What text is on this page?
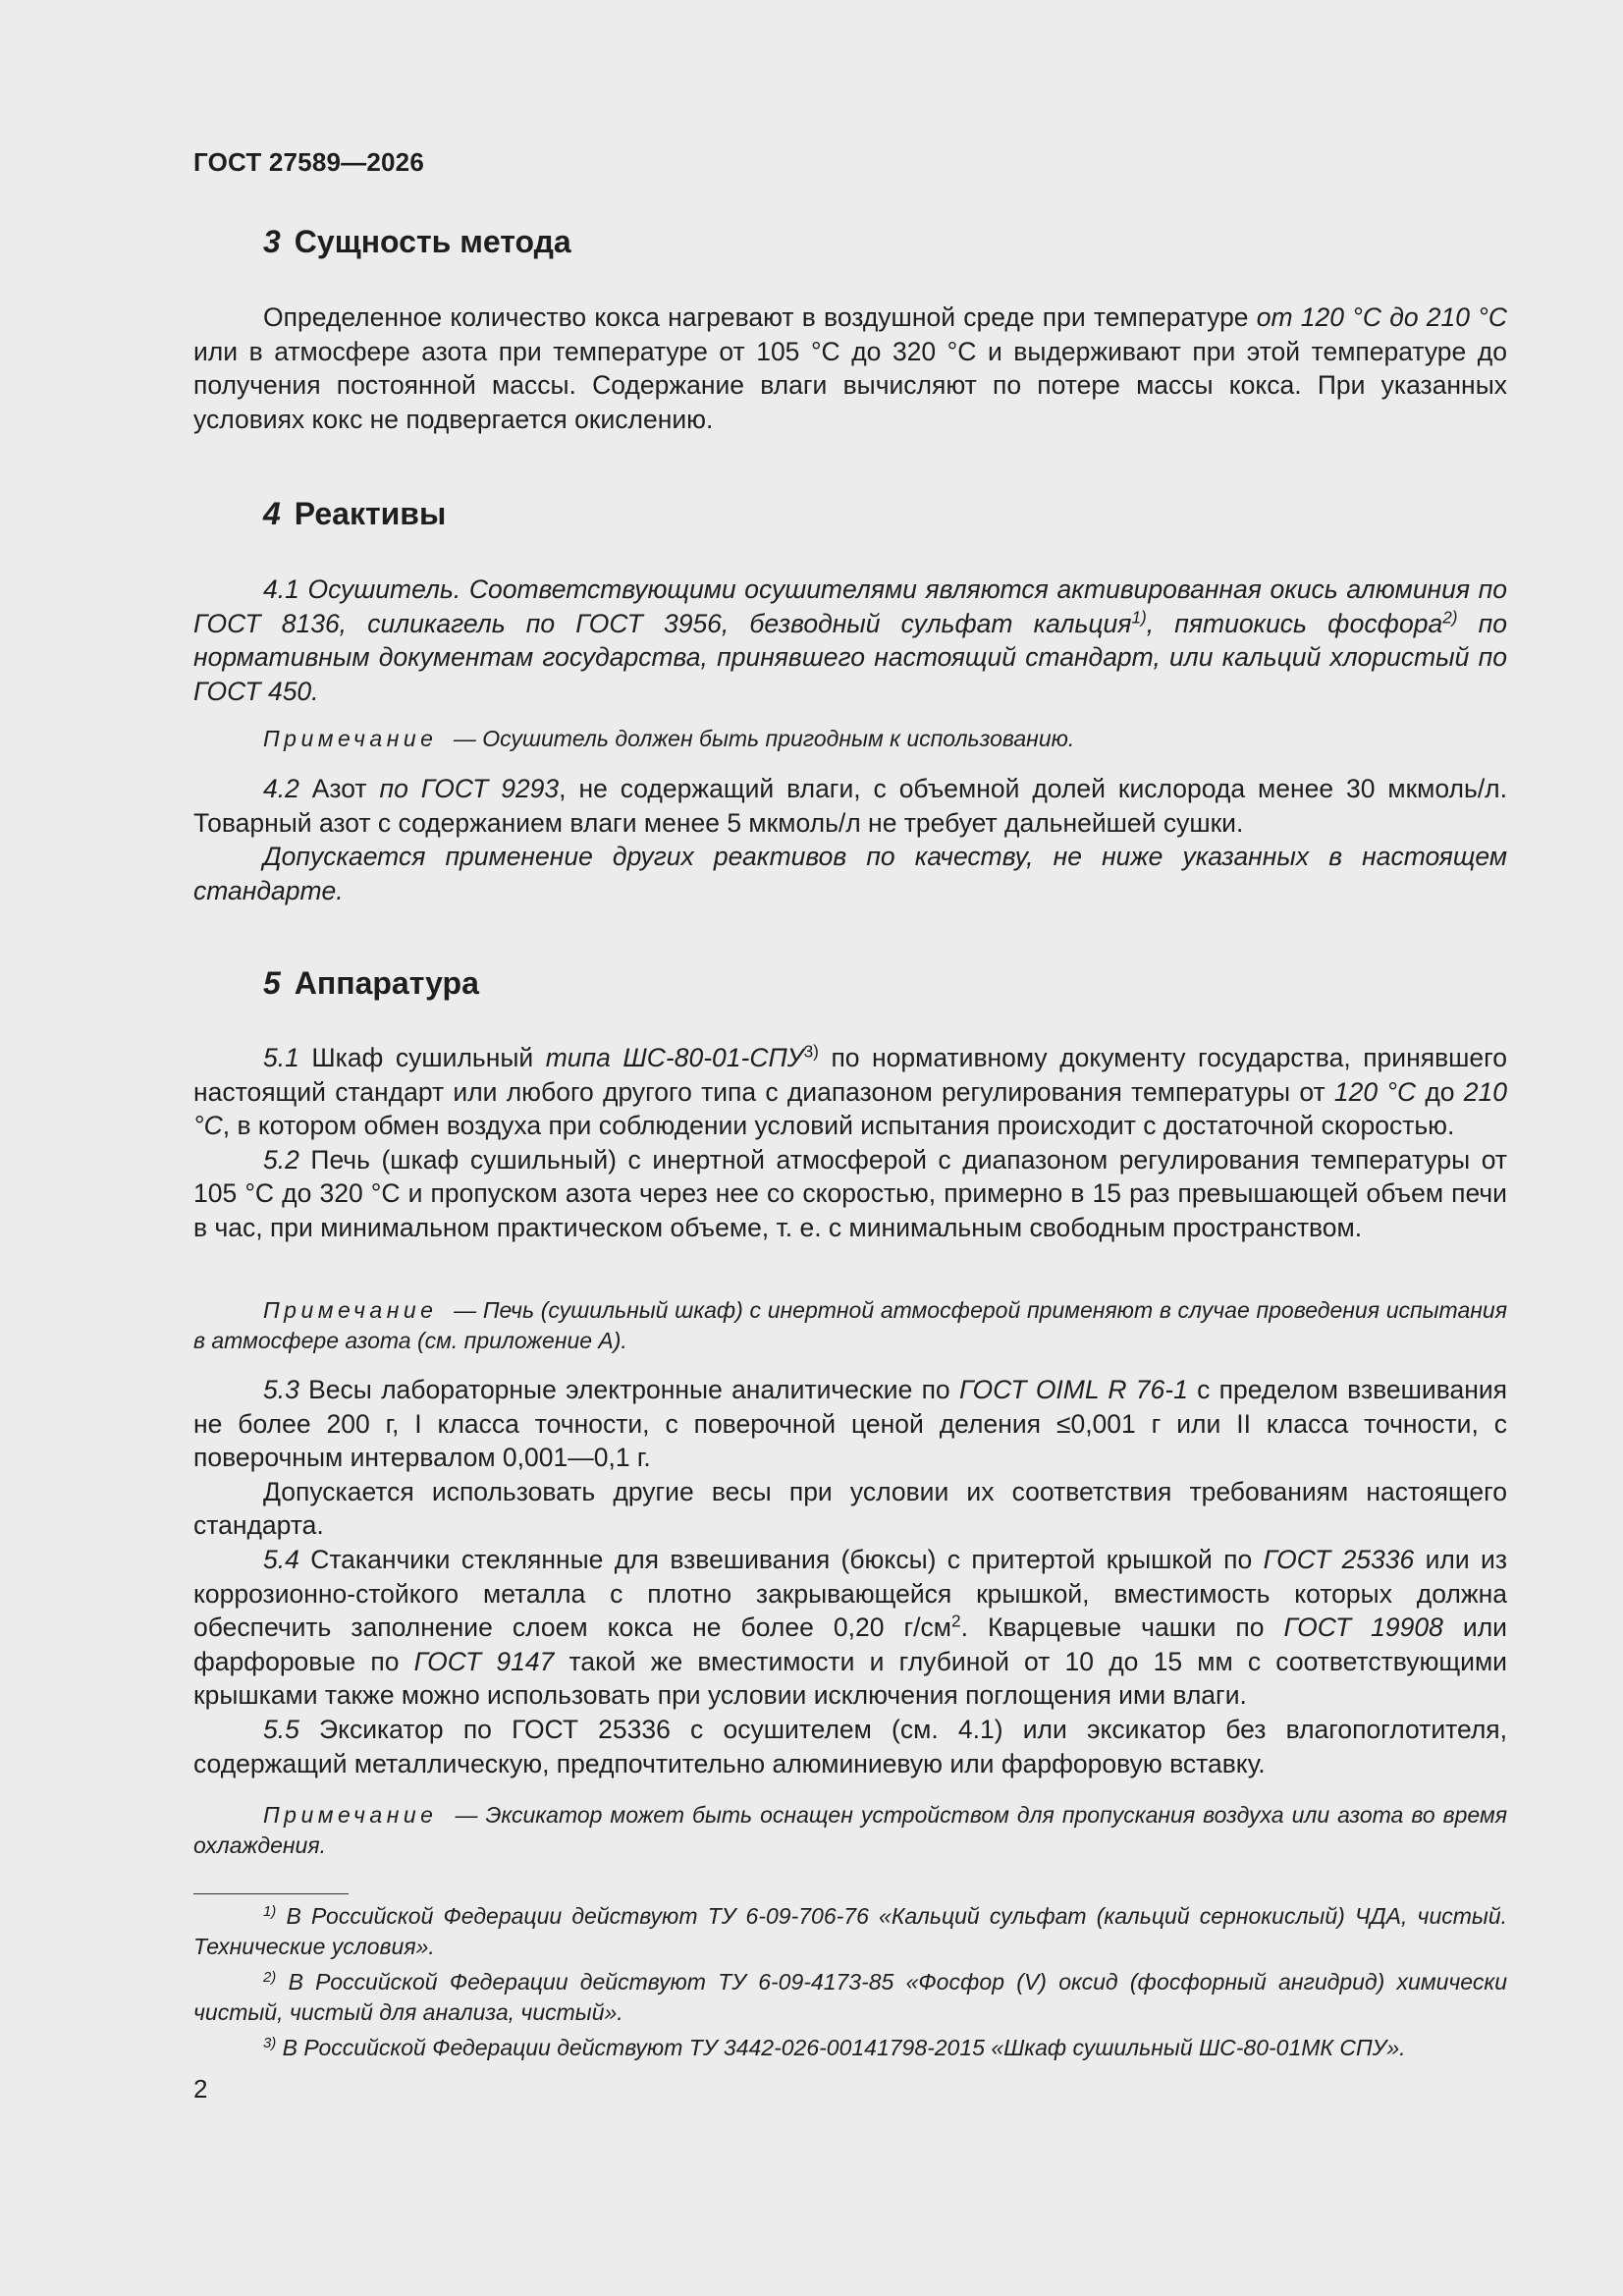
ГОСТ 27589—2026
3 Сущность метода

Определенное количество кокса нагревают в воздушной среде при температуре от 120 °C до 210 °C или в атмосфере азота при температуре от 105 °C до 320 °C и выдерживают при этой температуре до получения постоянной массы. Содержание влаги вычисляют по потере массы кокса. При указанных условиях кокс не подвергается окислению.

4 Реактивы

4.1 Осушитель. Соответствующими осушителями являются активированная окись алюминия по ГОСТ 8136, силикагель по ГОСТ 3956, безводный сульфат кальция$^{1)}$, пятиокись фосфора$^{2)}$ по нормативным документам государства, принявшего настоящий стандарт, или кальций хлористый по ГОСТ 450.

Примечание — Осушитель должен быть пригодным к использованию.

4.2 Азот по ГОСТ 9293, не содержащий влаги, с объемной долей кислорода менее 30 мкмоль/л. Товарный азот с содержанием влаги менее 5 мкмоль/л не требует дальнейшей сушки.

Допускается применение других реактивов по качеству, не ниже указанных в настоящем стандарте.

5 Аппаратура

5.1 Шкаф сушильный типа ШС-80-01-СПУ$^{3)}$ по нормативному документу государства, принявшего настоящий стандарт или любого другого типа с диапазоном регулирования температуры от 120 °C до 210 °C, в котором обмен воздуха при соблюдении условий испытания происходит с достаточной скоростью.

5.2 Печь (шкаф сушильный) с инертной атмосферой с диапазоном регулирования температуры от 105 °C до 320 °C и пропуском азота через нее со скоростью, примерно в 15 раз превышающей объем печи в час, при минимальном практическом объеме, т. е. с минимальным свободным пространством.

Примечание — Печь (сушильный шкаф) с инертной атмосферой применяют в случае проведения испытания в атмосфере азота (см. приложение А).

5.3 Весы лабораторные электронные аналитические по ГОСТ OIML R 76-1 с пределом взвешивания не более 200 г, I класса точности, с поверочной ценой деления ≤0,001 г или II класса точности, с поверочным интервалом 0,001—0,1 г.

Допускается использовать другие весы при условии их соответствия требованиям настоящего стандарта.

5.4 Стаканчики стеклянные для взвешивания (бюксы) с притертой крышкой по ГОСТ 25336 или из коррозионно-стойкого металла с плотно закрывающейся крышкой, вместимость которых должна обеспечить заполнение слоем кокса не более 0,20 $г/см^2$. Кварцевые чашки по ГОСТ 19908 или фарфоровые по ГОСТ 9147 такой же вместимости и глубиной от 10 до 15 мм с соответствующими крышками также можно использовать при условии исключения поглощения ими влаги.

5.5 Эксикатор по ГОСТ 25336 с осушителем (см. 4.1) или эксикатор без влагопоглотителя, содержащий металлическую, предпочтительно алюминиевую или фарфоровую вставку.

Примечание — Эксикатор может быть оснащен устройством для пропускания воздуха или азота во время охлаждения.

$^{1)}$ В Российской Федерации действуют ТУ 6-09-706-76 «Кальций сульфат (кальций сернокислый) ЧДА, чистый. Технические условия».

$^{2)}$ В Российской Федерации действуют ТУ 6-09-4173-85 «Фосфор (V) оксид (фосфорный ангидрид) химически чистый, чистый для анализа, чистый».

$^{3)}$ В Российской Федерации действуют ТУ 3442-026-00141798-2015 «Шкаф сушильный ШС-80-01МК СПУ».

2
